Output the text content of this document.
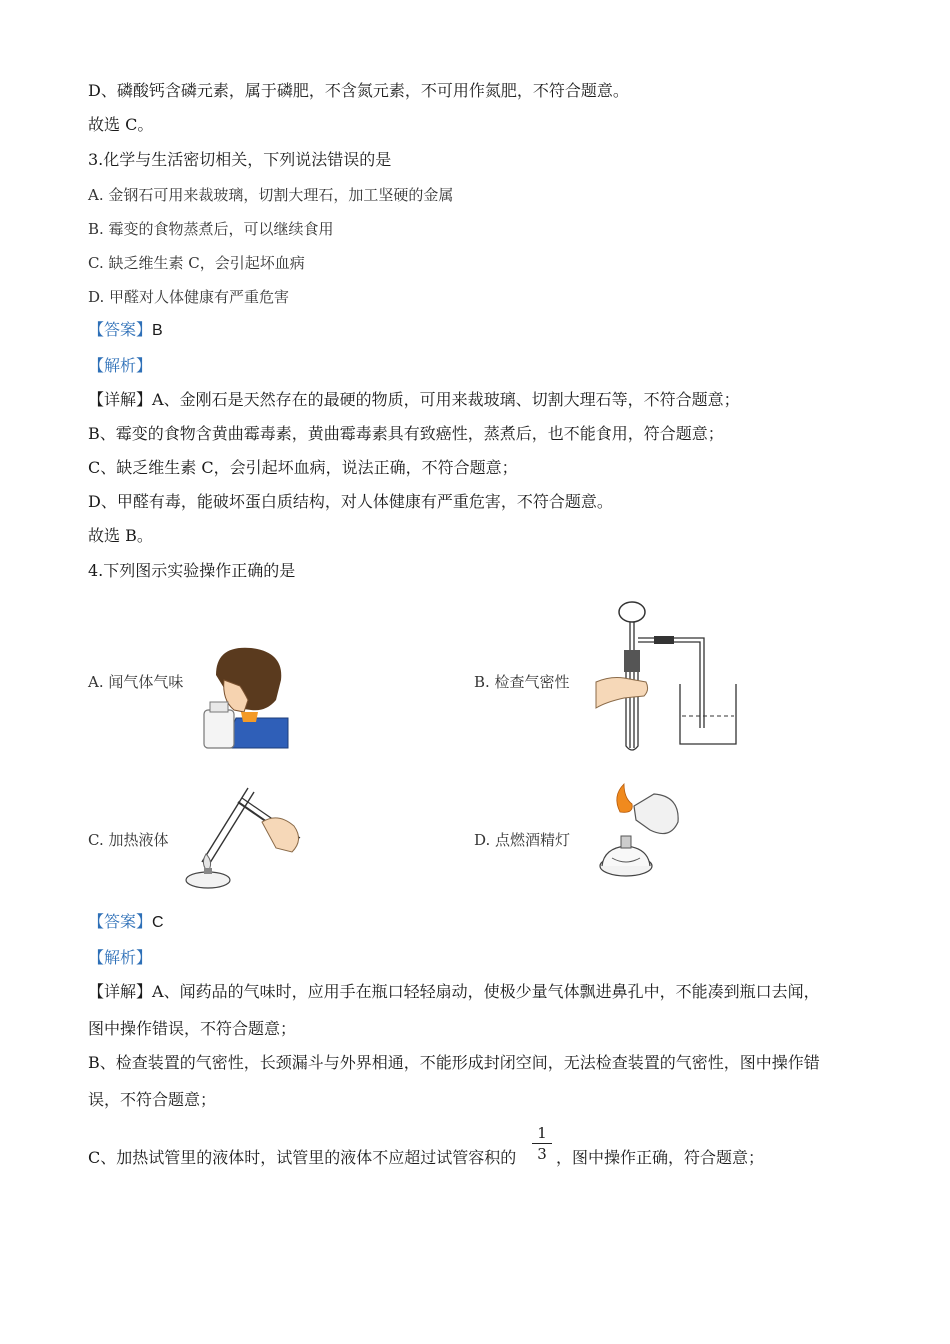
D、磷酸钙含磷元素，属于磷肥，不含氮元素，不可用作氮肥，不符合题意。
故选 C。
3.化学与生活密切相关，下列说法错误的是
A. 金钢石可用来裁玻璃，切割大理石，加工坚硬的金属
B. 霉变的食物蒸煮后，可以继续食用
C. 缺乏维生素 C，会引起坏血病
D. 甲醛对人体健康有严重危害
【答案】B
【解析】
【详解】A、金刚石是天然存在的最硬的物质，可用来裁玻璃、切割大理石等，不符合题意；
B、霉变的食物含黄曲霉毒素，黄曲霉毒素具有致癌性，蒸煮后，也不能食用，符合题意；
C、缺乏维生素 C，会引起坏血病，说法正确，不符合题意；
D、甲醛有毒，能破坏蛋白质结构，对人体健康有严重危害，不符合题意。
故选 B。
4.下列图示实验操作正确的是
A. 闻气体气味	B. 检查气密性
C. 加热液体	D. 点燃酒精灯
【答案】C
【解析】
【详解】A、闻药品的气味时，应用手在瓶口轻轻扇动，使极少量气体飘进鼻孔中，不能凑到瓶口去闻，
图中操作错误，不符合题意；
B、检查装置的气密性，长颈漏斗与外界相通，不能形成封闭空间，无法检查装置的气密性，图中操作错
误，不符合题意；
C、加热试管里的液体时，试管里的液体不应超过试管容积的
1
3 ，图中操作正确，符合题意；
